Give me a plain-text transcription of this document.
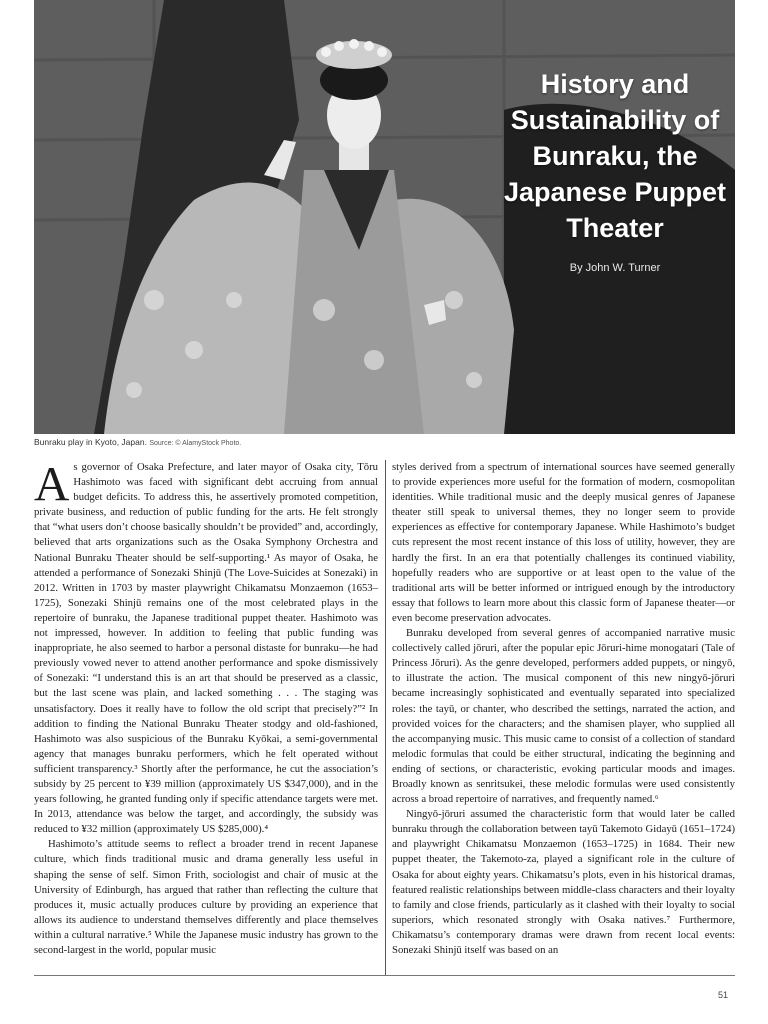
History and Sustainability of Bunraku, the Japanese Puppet Theater
By John W. Turner
Bunraku play in Kyoto, Japan. Source: © AlamyStock Photo.

As governor of Osaka Prefecture, and later mayor of Osaka city, Tōru Hashimoto was faced with significant debt accruing from annual budget deficits. To address this, he assertively promoted competition, private business, and reduction of public funding for the arts. He felt strongly that “what users don’t choose basically shouldn’t be provided” and, accordingly, believed that arts organizations such as the Osaka Symphony Orchestra and National Bunraku Theater should be self-supporting.¹ As mayor of Osaka, he attended a performance of Sonezaki Shinjū (The Love-Suicides at Sonezaki) in 2012. Written in 1703 by master playwright Chikamatsu Monzaemon (1653–1725), Sonezaki Shinjū remains one of the most celebrated plays in the repertoire of bunraku, the Japanese traditional puppet theater. Hashimoto was not impressed, however. In addition to feeling that public funding was inappropriate, he also seemed to harbor a personal distaste for bunraku—he had previously vowed never to attend another performance and spoke dismissively of Sonezaki: “I understand this is an art that should be preserved as a classic, but the last scene was plain, and lacked something . . . The staging was unsatisfactory. Does it really have to follow the old script that precisely?”² In addition to finding the National Bunraku Theater stodgy and old-fashioned, Hashimoto was also suspicious of the Bunraku Kyōkai, a semi-governmental agency that manages bunraku performers, which he felt operated without sufficient transparency.³ Shortly after the performance, he cut the association’s subsidy by 25 percent to ¥39 million (approximately US $347,000), and in the years following, he granted funding only if specific attendance targets were met. In 2013, attendance was below the target, and accordingly, the subsidy was reduced to ¥32 million (approximately US $285,000).⁴

Hashimoto’s attitude seems to reflect a broader trend in recent Japanese culture, which finds traditional music and drama generally less useful in shaping the sense of self. Simon Frith, sociologist and chair of music at the University of Edinburgh, has argued that rather than reflecting the culture that produces it, music actually produces culture by providing an experience that allows its audience to understand themselves differently and place themselves within a cultural narrative.⁵ While the Japanese music industry has grown to the second-largest in the world, popular music

styles derived from a spectrum of international sources have seemed generally to provide experiences more useful for the formation of modern, cosmopolitan identities. While traditional music and the deeply musical genres of Japanese theater still speak to universal themes, they no longer seem to provide experiences as effective for contemporary Japanese. While Hashimoto’s budget cuts represent the most recent instance of this loss of utility, however, they are hardly the first. In an era that potentially challenges its continued viability, hopefully readers who are supportive or at least open to the value of the traditional arts will be better informed or intrigued enough by the introductory essay that follows to learn more about this classic form of Japanese theater—or even become preservation advocates.

Bunraku developed from several genres of accompanied narrative music collectively called jōruri, after the popular epic Jōruri-hime monogatari (Tale of Princess Jōruri). As the genre developed, performers added puppets, or ningyō, to illustrate the action. The musical component of this new ningyō-jōruri became increasingly sophisticated and eventually separated into specialized roles: the tayū, or chanter, who described the settings, narrated the action, and provided voices for the characters; and the shamisen player, who supplied all the accompanying music. This music came to consist of a collection of standard melodic formulas that could be either structural, indicating the beginning and ending of sections, or characteristic, evoking particular moods and images. Broadly known as senritsukei, these melodic formulas were used consistently across a broad repertoire of narratives, and frequently named.⁶

Ningyō-jōruri assumed the characteristic form that would later be called bunraku through the collaboration between tayū Takemoto Gidayū (1651–1724) and playwright Chikamatsu Monzaemon (1653–1725) in 1684. Their new puppet theater, the Takemoto-za, played a significant role in the culture of Osaka for about eighty years. Chikamatsu’s plots, even in his historical dramas, featured realistic relationships between middle-class characters and their loyalty to family and close friends, particularly as it clashed with their loyalty to social superiors, which resonated strongly with Osaka natives.⁷ Furthermore, Chikamatsu’s contemporary dramas were drawn from recent local events: Sonezaki Shinjū itself was based on an

51
